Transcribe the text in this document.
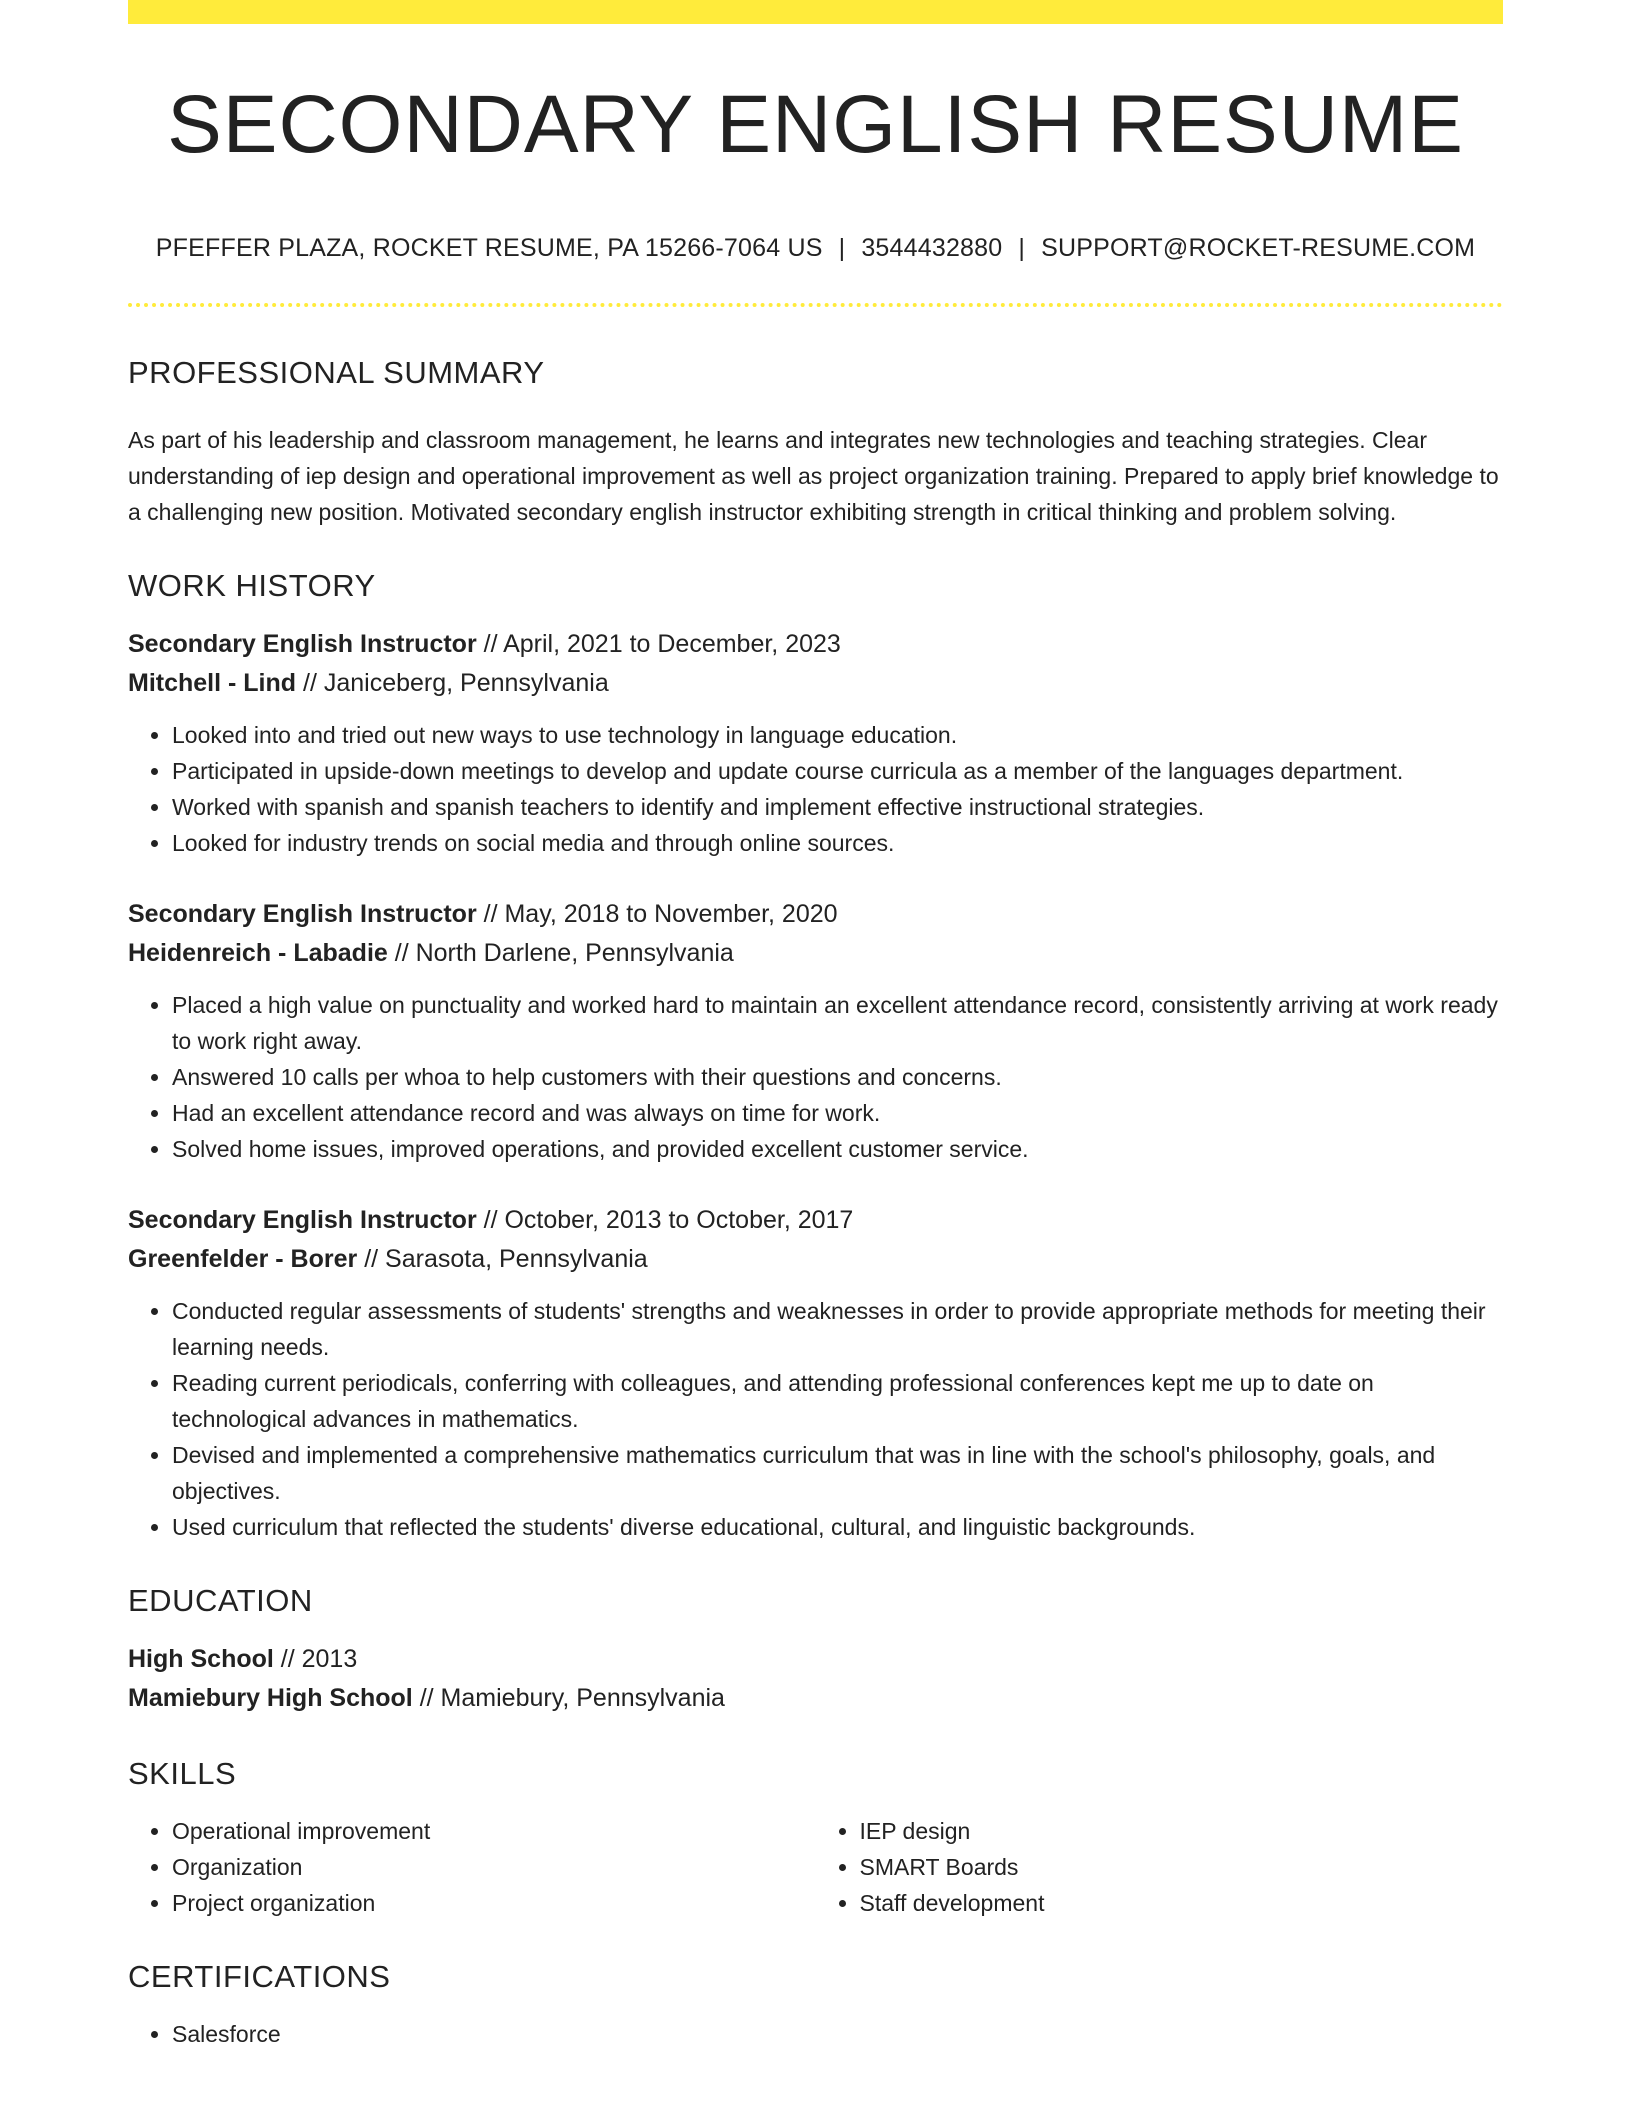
SECONDARY ENGLISH RESUME
PFEFFER PLAZA, ROCKET RESUME, PA 15266-7064 US | 3544432880 | SUPPORT@ROCKET-RESUME.COM
PROFESSIONAL SUMMARY
As part of his leadership and classroom management, he learns and integrates new technologies and teaching strategies. Clear understanding of iep design and operational improvement as well as project organization training. Prepared to apply brief knowledge to a challenging new position. Motivated secondary english instructor exhibiting strength in critical thinking and problem solving.
WORK HISTORY
Secondary English Instructor // April, 2021 to December, 2023
Mitchell - Lind // Janiceberg, Pennsylvania
• Looked into and tried out new ways to use technology in language education.
• Participated in upside-down meetings to develop and update course curricula as a member of the languages department.
• Worked with spanish and spanish teachers to identify and implement effective instructional strategies.
• Looked for industry trends on social media and through online sources.
Secondary English Instructor // May, 2018 to November, 2020
Heidenreich - Labadie // North Darlene, Pennsylvania
• Placed a high value on punctuality and worked hard to maintain an excellent attendance record, consistently arriving at work ready to work right away.
• Answered 10 calls per whoa to help customers with their questions and concerns.
• Had an excellent attendance record and was always on time for work.
• Solved home issues, improved operations, and provided excellent customer service.
Secondary English Instructor // October, 2013 to October, 2017
Greenfelder - Borer // Sarasota, Pennsylvania
• Conducted regular assessments of students' strengths and weaknesses in order to provide appropriate methods for meeting their learning needs.
• Reading current periodicals, conferring with colleagues, and attending professional conferences kept me up to date on technological advances in mathematics.
• Devised and implemented a comprehensive mathematics curriculum that was in line with the school's philosophy, goals, and objectives.
• Used curriculum that reflected the students' diverse educational, cultural, and linguistic backgrounds.
EDUCATION
High School // 2013
Mamiebury High School // Mamiebury, Pennsylvania
SKILLS
• Operational improvement
• Organization
• Project organization
• IEP design
• SMART Boards
• Staff development
CERTIFICATIONS
• Salesforce
